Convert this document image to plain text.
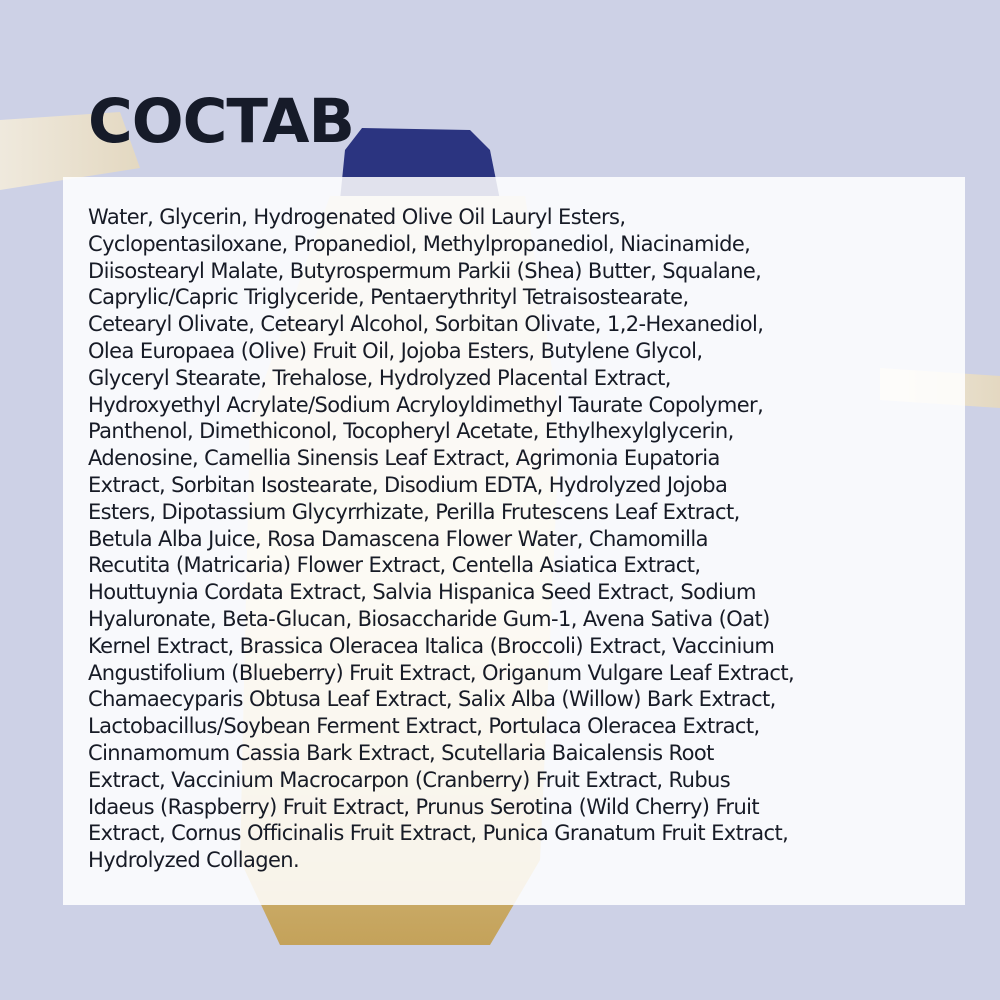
COCTAB

Water, Glycerin, Hydrogenated Olive Oil Lauryl Esters,
Cyclopentasiloxane, Propanediol, Methylpropanediol, Niacinamide,
Diisostearyl Malate, Butyrospermum Parkii (Shea) Butter, Squalane,
Caprylic/Capric Triglyceride, Pentaerythrityl Tetraisostearate,
Cetearyl Olivate, Cetearyl Alcohol, Sorbitan Olivate, 1,2-Hexanediol,
Olea Europaea (Olive) Fruit Oil, Jojoba Esters, Butylene Glycol,
Glyceryl Stearate, Trehalose, Hydrolyzed Placental Extract,
Hydroxyethyl Acrylate/Sodium Acryloyldimethyl Taurate Copolymer,
Panthenol, Dimethiconol, Tocopheryl Acetate, Ethylhexylglycerin,
Adenosine, Camellia Sinensis Leaf Extract, Agrimonia Eupatoria
Extract, Sorbitan Isostearate, Disodium EDTA, Hydrolyzed Jojoba
Esters, Dipotassium Glycyrrhizate, Perilla Frutescens Leaf Extract,
Betula Alba Juice, Rosa Damascena Flower Water, Chamomilla
Recutita (Matricaria) Flower Extract, Centella Asiatica Extract,
Houttuynia Cordata Extract, Salvia Hispanica Seed Extract, Sodium
Hyaluronate, Beta-Glucan, Biosaccharide Gum-1, Avena Sativa (Oat)
Kernel Extract, Brassica Oleracea Italica (Broccoli) Extract, Vaccinium
Angustifolium (Blueberry) Fruit Extract, Origanum Vulgare Leaf Extract,
Chamaecyparis Obtusa Leaf Extract, Salix Alba (Willow) Bark Extract,
Lactobacillus/Soybean Ferment Extract, Portulaca Oleracea Extract,
Cinnamomum Cassia Bark Extract, Scutellaria Baicalensis Root
Extract, Vaccinium Macrocarpon (Cranberry) Fruit Extract, Rubus
Idaeus (Raspberry) Fruit Extract, Prunus Serotina (Wild Cherry) Fruit
Extract, Cornus Officinalis Fruit Extract, Punica Granatum Fruit Extract,
Hydrolyzed Collagen.
